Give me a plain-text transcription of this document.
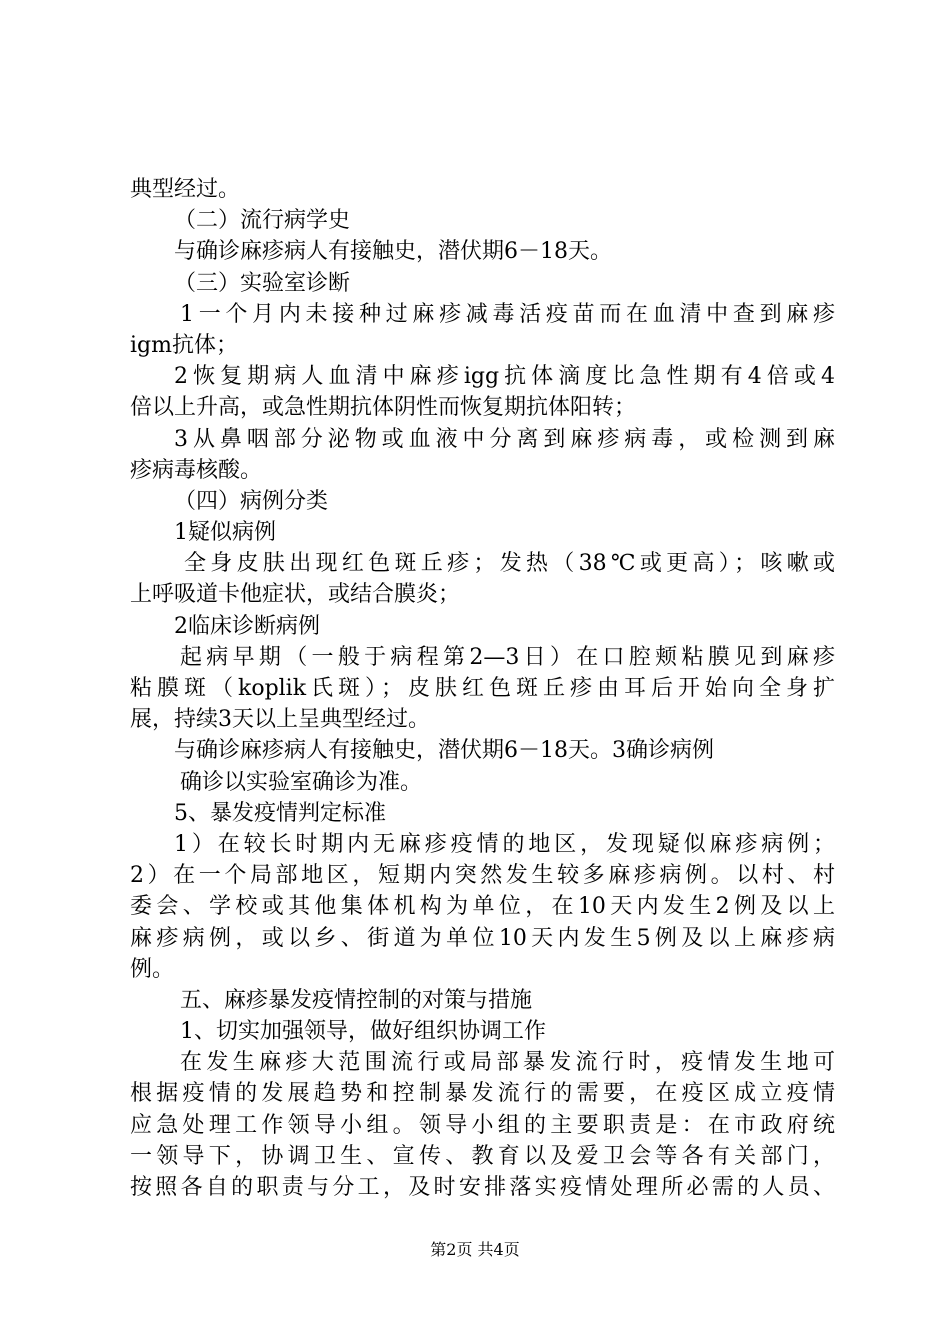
典型经过。
（二）流行病学史
与确诊麻疹病人有接触史，潜伏期6－18天。
（三）实验室诊断
1一个月内未接种过麻疹减毒活疫苗而在血清中查到麻疹
igm抗体；
2恢复期病人血清中麻疹igg抗体滴度比急性期有4倍或4
倍以上升高，或急性期抗体阴性而恢复期抗体阳转；
3从鼻咽部分泌物或血液中分离到麻疹病毒，或检测到麻
疹病毒核酸。
（四）病例分类
1疑似病例
全身皮肤出现红色斑丘疹；发热（38℃或更高）；咳嗽或
上呼吸道卡他症状，或结合膜炎；
2临床诊断病例
起病早期（一般于病程第2—3日）在口腔颊粘膜见到麻疹
粘膜斑（koplik氏斑）；皮肤红色斑丘疹由耳后开始向全身扩
展，持续3天以上呈典型经过。
与确诊麻疹病人有接触史，潜伏期6－18天。3确诊病例
确诊以实验室确诊为准。
5、暴发疫情判定标准
1）在较长时期内无麻疹疫情的地区，发现疑似麻疹病例；
2）在一个局部地区，短期内突然发生较多麻疹病例。以村、村
委会、学校或其他集体机构为单位，在10天内发生2例及以上
麻疹病例，或以乡、街道为单位10天内发生5例及以上麻疹病
例。
五、麻疹暴发疫情控制的对策与措施
1、切实加强领导，做好组织协调工作
在发生麻疹大范围流行或局部暴发流行时，疫情发生地可
根据疫情的发展趋势和控制暴发流行的需要，在疫区成立疫情
应急处理工作领导小组。领导小组的主要职责是：在市政府统
一领导下，协调卫生、宣传、教育以及爱卫会等各有关部门，
按照各自的职责与分工，及时安排落实疫情处理所必需的人员、
第2页 共4页
